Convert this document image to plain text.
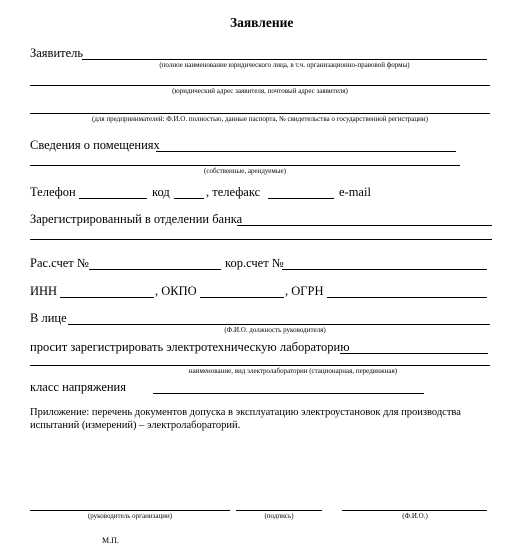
Заявление
Заявитель
(полное наименование юридического лица, в т.ч. организационно-правовой формы)
(юридический адрес заявителя, почтовый адрес заявителя)
(для предпринимателей: Ф.И.О. полностью, данные паспорта, № свидетельства о государственной регистрации)
Сведения о помещениях
(собственные, арендуемые)
Телефон	код	, телефакс	e-mail
Зарегистрированный в отделении банка
Рас.счет №	кор.счет №
ИНН	, ОКПО	, ОГРН
В лице
(Ф.И.О. должность руководителя)
просит зарегистрировать электротехническую лабораторию
наименование, вид электролаборатории (стационарная, передвижная)
класс напряжения
Приложение: перечень документов допуска в эксплуатацию электроустановок для производства испытаний (измерений) – электролабораторий.
(руководитель организации)	(подпись)	(Ф.И.О.)
М.П.
